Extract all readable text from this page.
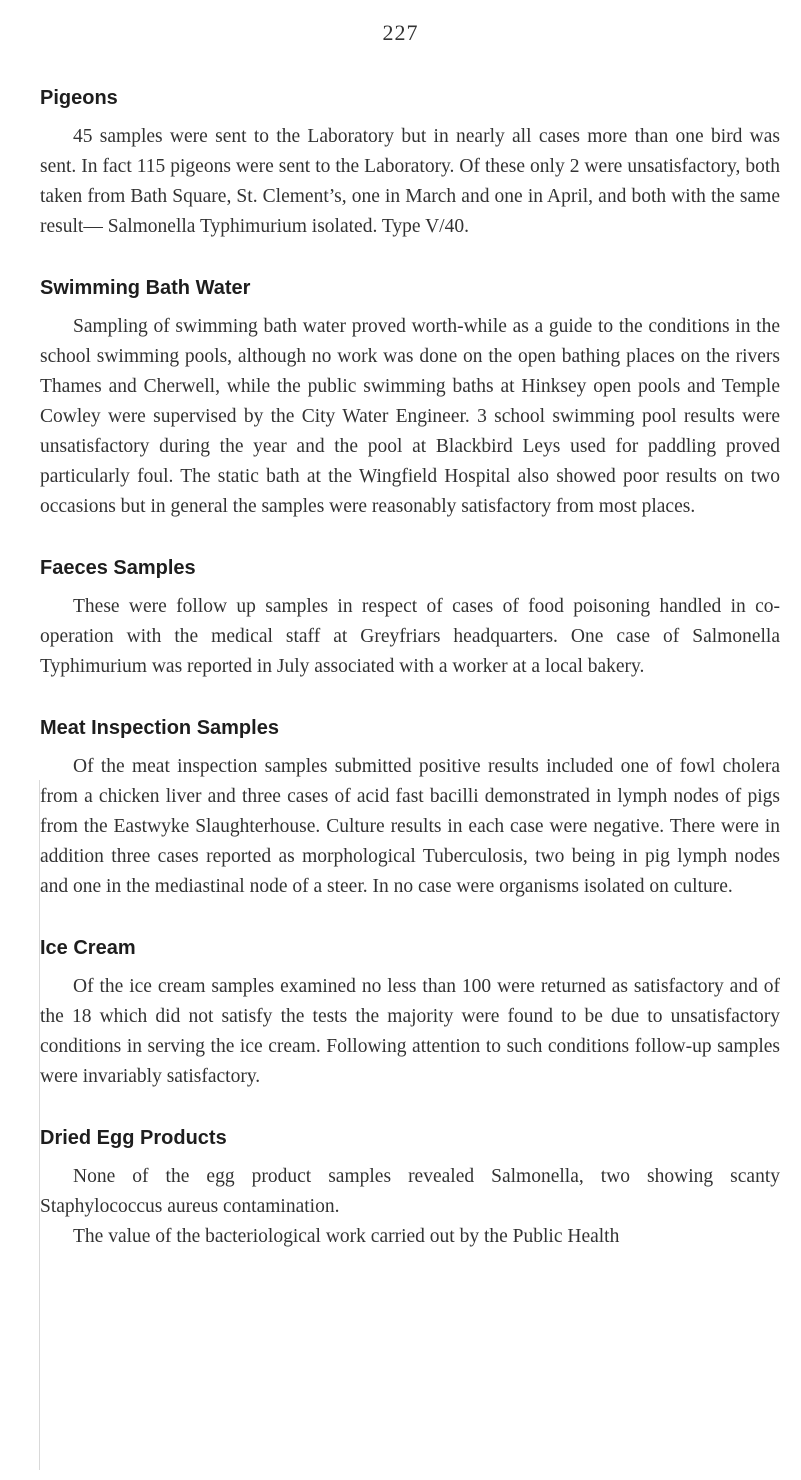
227
Pigeons

45 samples were sent to the Laboratory but in nearly all cases more than one bird was sent. In fact 115 pigeons were sent to the Laboratory. Of these only 2 were unsatisfactory, both taken from Bath Square, St. Clement’s, one in March and one in April, and both with the same result— Salmonella Typhimurium isolated. Type V/40.

Swimming Bath Water

Sampling of swimming bath water proved worth-while as a guide to the conditions in the school swimming pools, although no work was done on the open bathing places on the rivers Thames and Cherwell, while the public swimming baths at Hinksey open pools and Temple Cowley were supervised by the City Water Engineer. 3 school swimming pool results were unsatisfactory during the year and the pool at Blackbird Leys used for paddling proved particularly foul. The static bath at the Wingfield Hospital also showed poor results on two occasions but in general the samples were reasonably satisfactory from most places.

Faeces Samples

These were follow up samples in respect of cases of food poisoning handled in co-operation with the medical staff at Greyfriars headquarters. One case of Salmonella Typhimurium was reported in July associated with a worker at a local bakery.

Meat Inspection Samples

Of the meat inspection samples submitted positive results included one of fowl cholera from a chicken liver and three cases of acid fast bacilli demonstrated in lymph nodes of pigs from the Eastwyke Slaughterhouse. Culture results in each case were negative. There were in addition three cases reported as morphological Tuberculosis, two being in pig lymph nodes and one in the mediastinal node of a steer. In no case were organisms isolated on culture.

Ice Cream

Of the ice cream samples examined no less than 100 were returned as satisfactory and of the 18 which did not satisfy the tests the majority were found to be due to unsatisfactory conditions in serving the ice cream. Following attention to such conditions follow-up samples were invariably satisfactory.

Dried Egg Products

None of the egg product samples revealed Salmonella, two showing scanty Staphylococcus aureus contamination.

The value of the bacteriological work carried out by the Public Health
